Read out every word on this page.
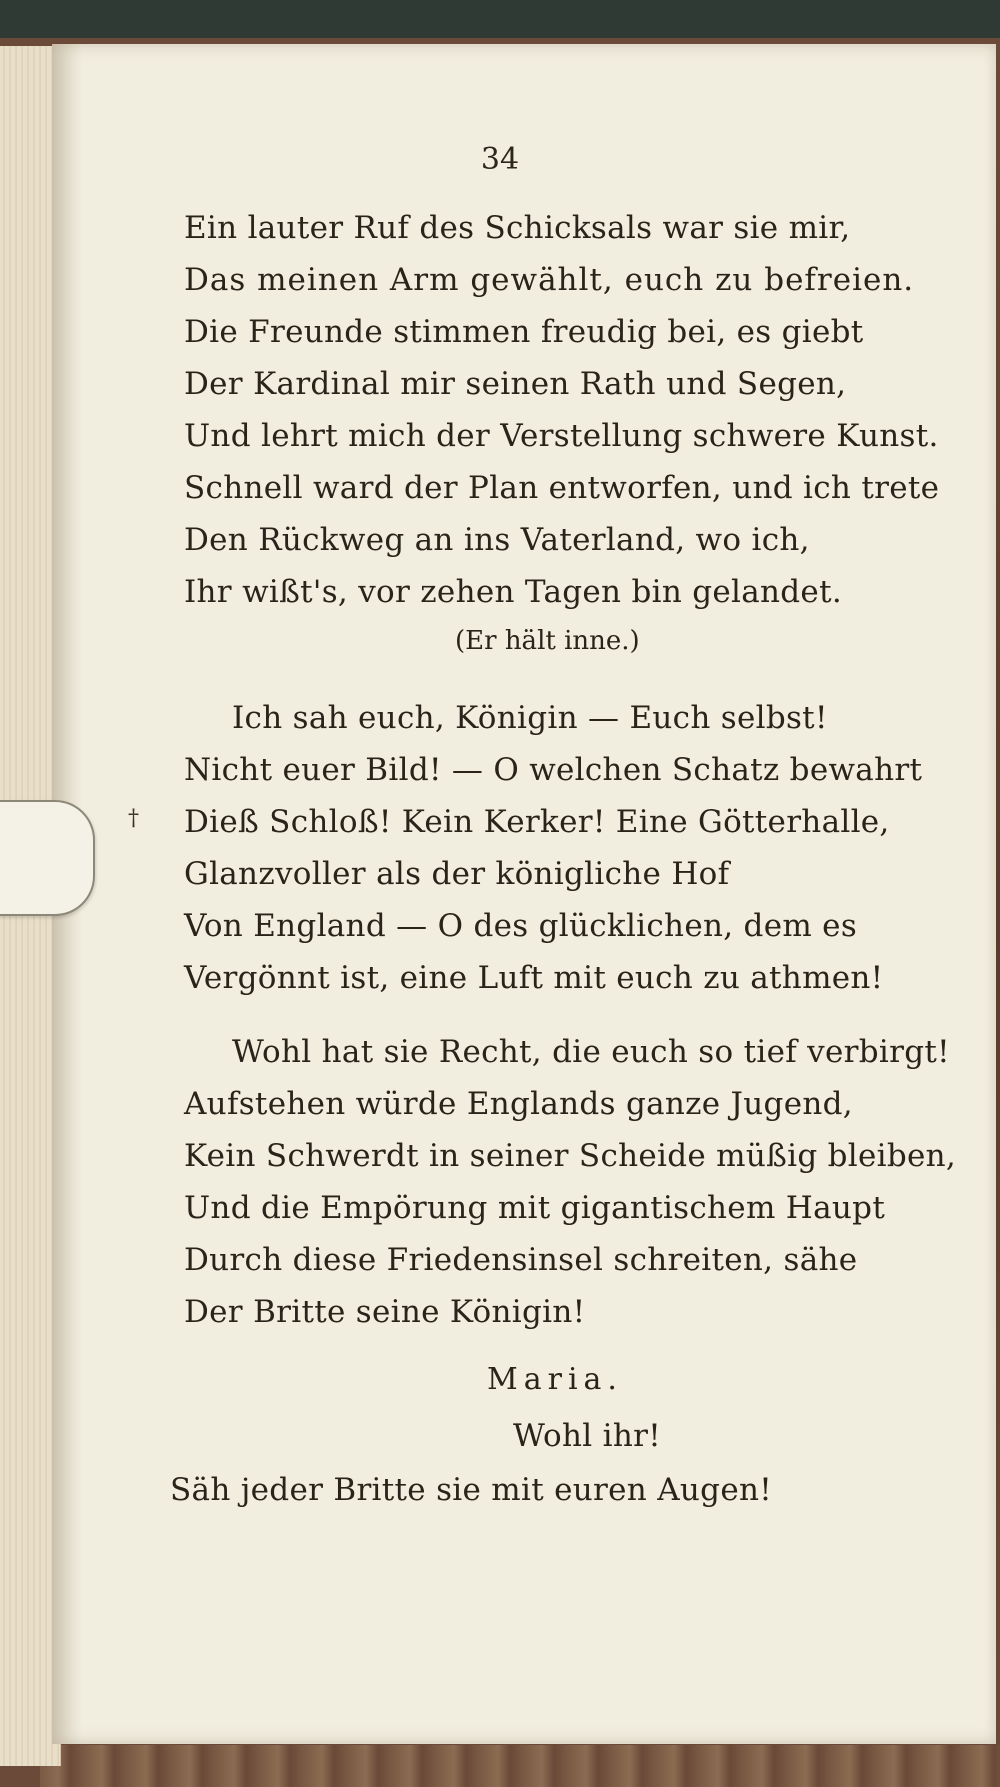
†
34
Ein lauter Ruf des Schicksals war sie mir,
Das meinen Arm gewählt, euch zu befreien.
Die Freunde stimmen freudig bei, es giebt
Der Kardinal mir seinen Rath und Segen,
Und lehrt mich der Verstellung schwere Kunst.
Schnell ward der Plan entworfen, und ich trete
Den Rückweg an ins Vaterland, wo ich,
Ihr wißt's, vor zehen Tagen bin gelandet.
(Er hält inne.)
Ich sah euch, Königin — Euch selbst!
Nicht euer Bild! — O welchen Schatz bewahrt
Dieß Schloß! Kein Kerker! Eine Götterhalle,
Glanzvoller als der königliche Hof
Von England — O des glücklichen, dem es
Vergönnt ist, eine Luft mit euch zu athmen!
Wohl hat sie Recht, die euch so tief verbirgt!
Aufstehen würde Englands ganze Jugend,
Kein Schwerdt in seiner Scheide müßig bleiben,
Und die Empörung mit gigantischem Haupt
Durch diese Friedensinsel schreiten, sähe
Der Britte seine Königin!
Maria.
Wohl ihr!
Säh jeder Britte sie mit euren Augen!
